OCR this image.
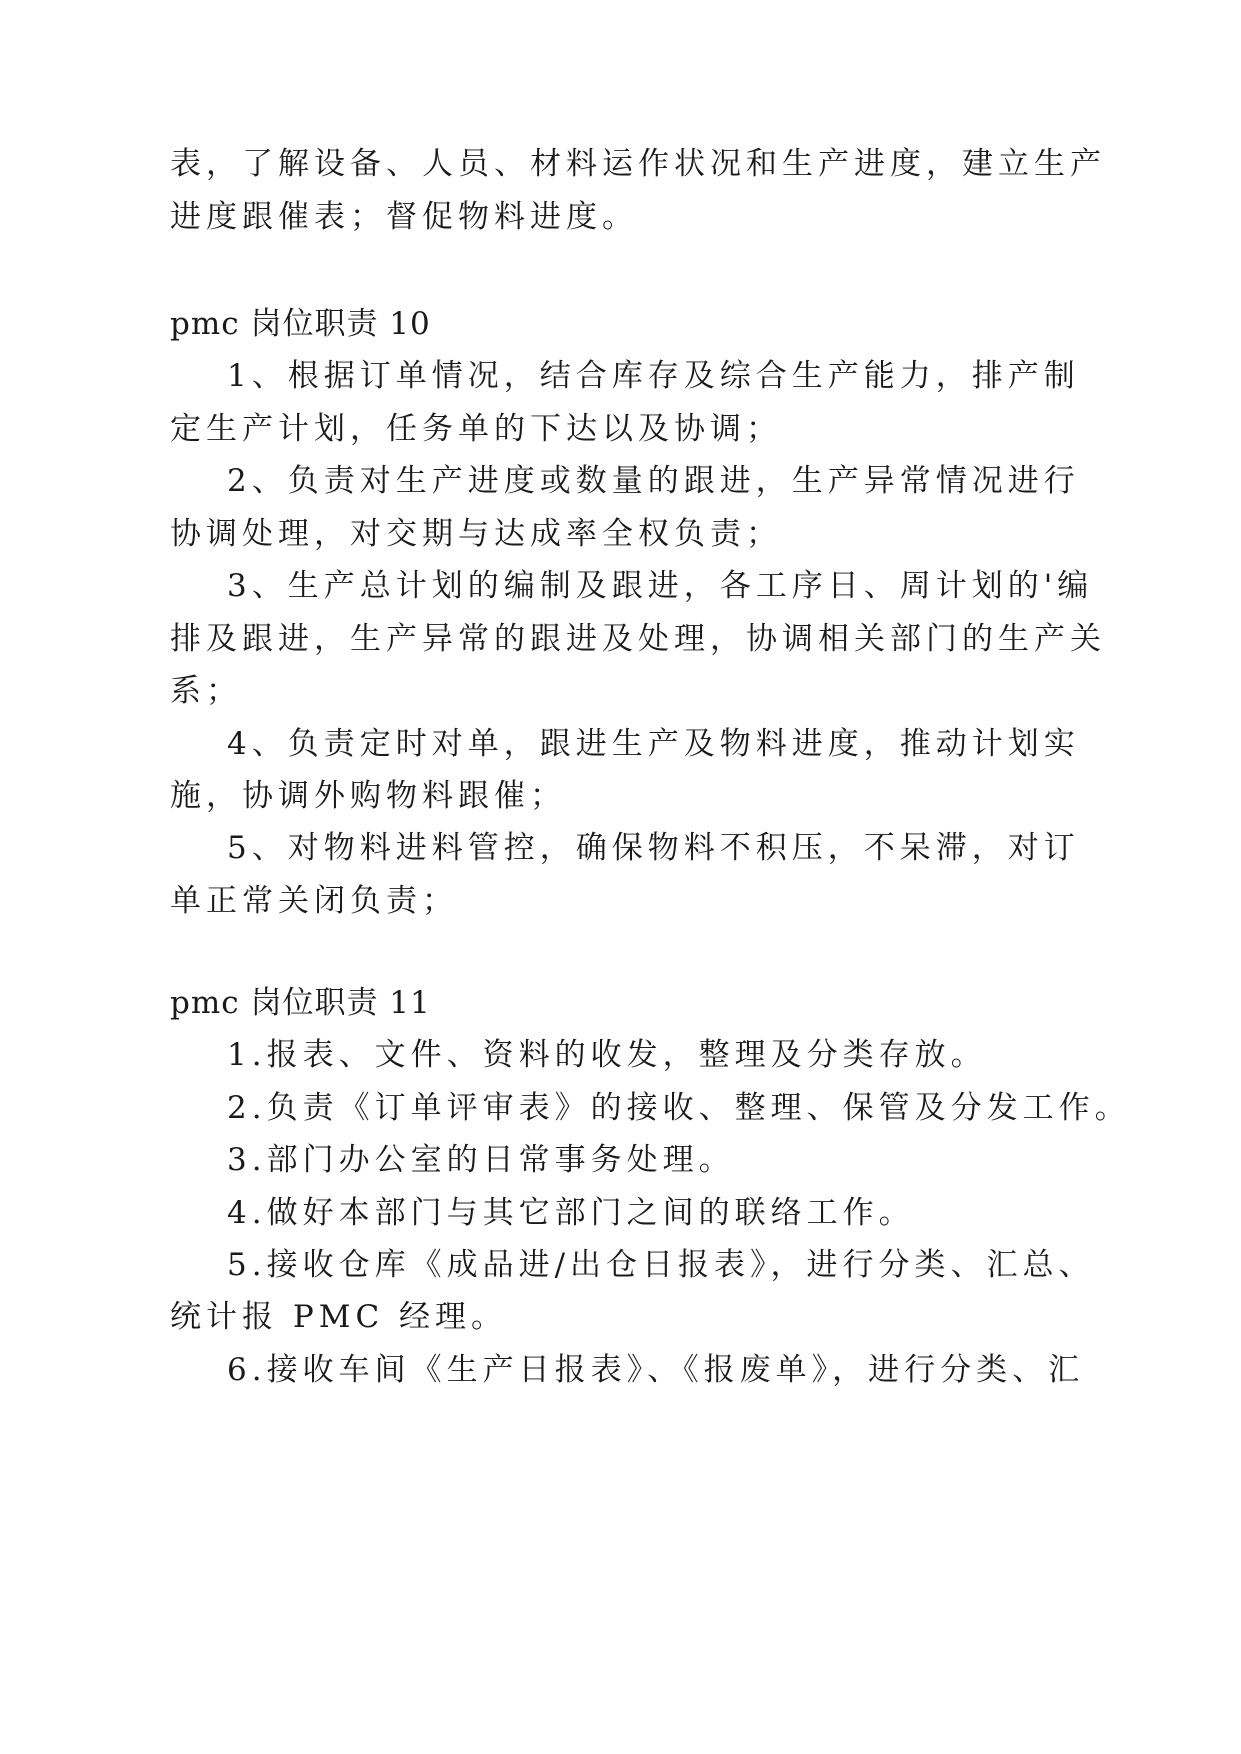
表，了解设备、人员、材料运作状况和生产进度，建立生产
进度跟催表；督促物料进度。
pmc 岗位职责 10
1、根据订单情况，结合库存及综合生产能力，排产制
定生产计划，任务单的下达以及协调；
2、负责对生产进度或数量的跟进，生产异常情况进行
协调处理，对交期与达成率全权负责；
3、生产总计划的编制及跟进，各工序日、周计划的'编
排及跟进，生产异常的跟进及处理，协调相关部门的生产关
系；
4、负责定时对单，跟进生产及物料进度，推动计划实
施，协调外购物料跟催；
5、对物料进料管控，确保物料不积压，不呆滞，对订
单正常关闭负责；
pmc 岗位职责 11
1.报表、文件、资料的收发，整理及分类存放。
2.负责《订单评审表》的接收、整理、保管及分发工作。
3.部门办公室的日常事务处理。
4.做好本部门与其它部门之间的联络工作。
5.接收仓库《成品进/出仓日报表》，进行分类、汇总、
统计报 PMC 经理。
6.接收车间《生产日报表》、《报废单》，进行分类、汇
